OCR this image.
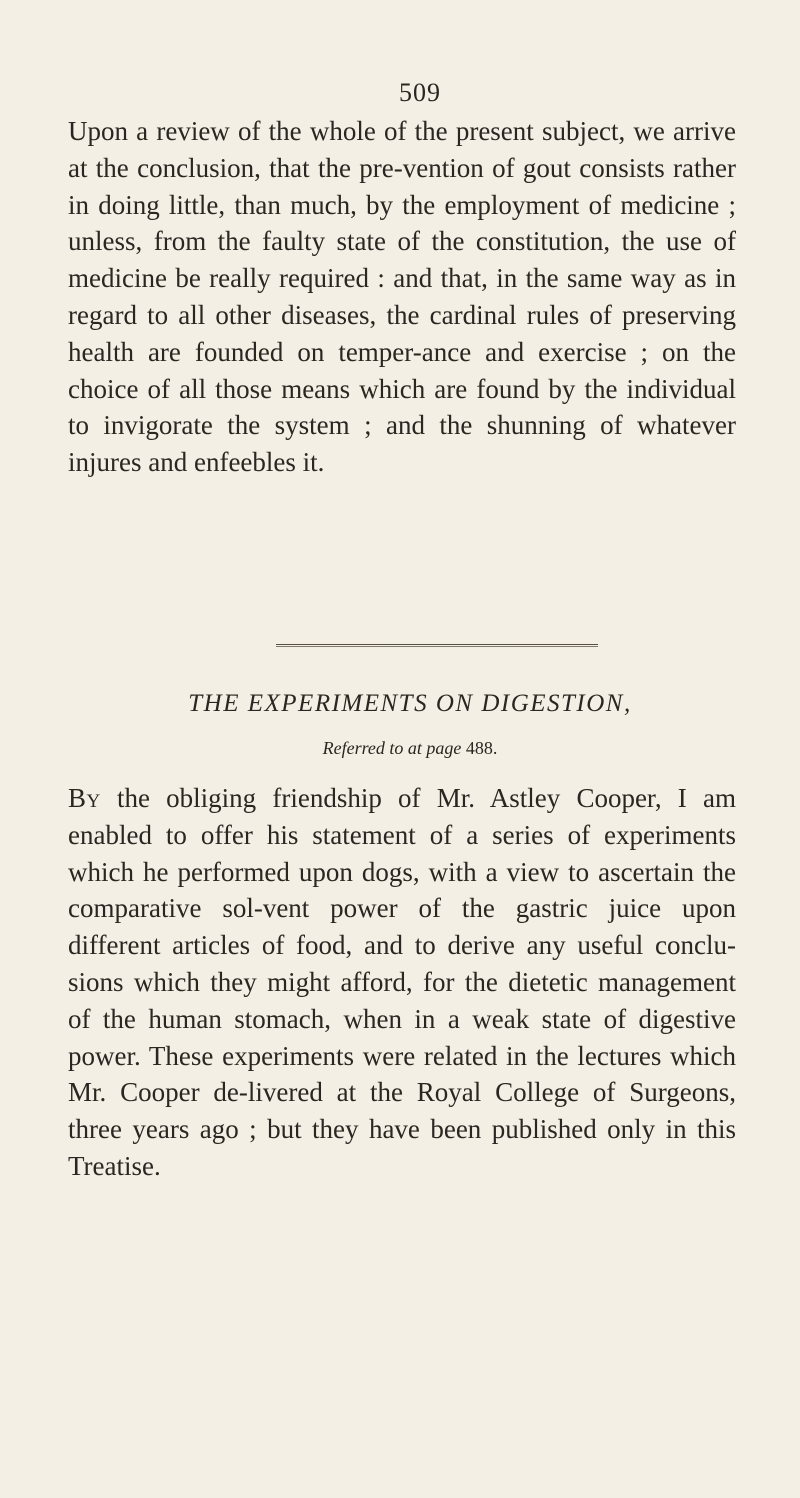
509
Upon a review of the whole of the present subject, we arrive at the conclusion, that the pre-vention of gout consists rather in doing little, than much, by the employment of medicine ; unless, from the faulty state of the constitution, the use of medicine be really required : and that, in the same way as in regard to all other diseases, the cardinal rules of preserving health are founded on temper-ance and exercise ; on the choice of all those means which are found by the individual to invigorate the system ; and the shunning of whatever injures and enfeebles it.
THE EXPERIMENTS ON DIGESTION,
Referred to at page 488.
By the obliging friendship of Mr. Astley Cooper, I am enabled to offer his statement of a series of experiments which he performed upon dogs, with a view to ascertain the comparative sol-vent power of the gastric juice upon different articles of food, and to derive any useful conclu-sions which they might afford, for the dietetic management of the human stomach, when in a weak state of digestive power. These experiments were related in the lectures which Mr. Cooper de-livered at the Royal College of Surgeons, three years ago ; but they have been published only in this Treatise.
